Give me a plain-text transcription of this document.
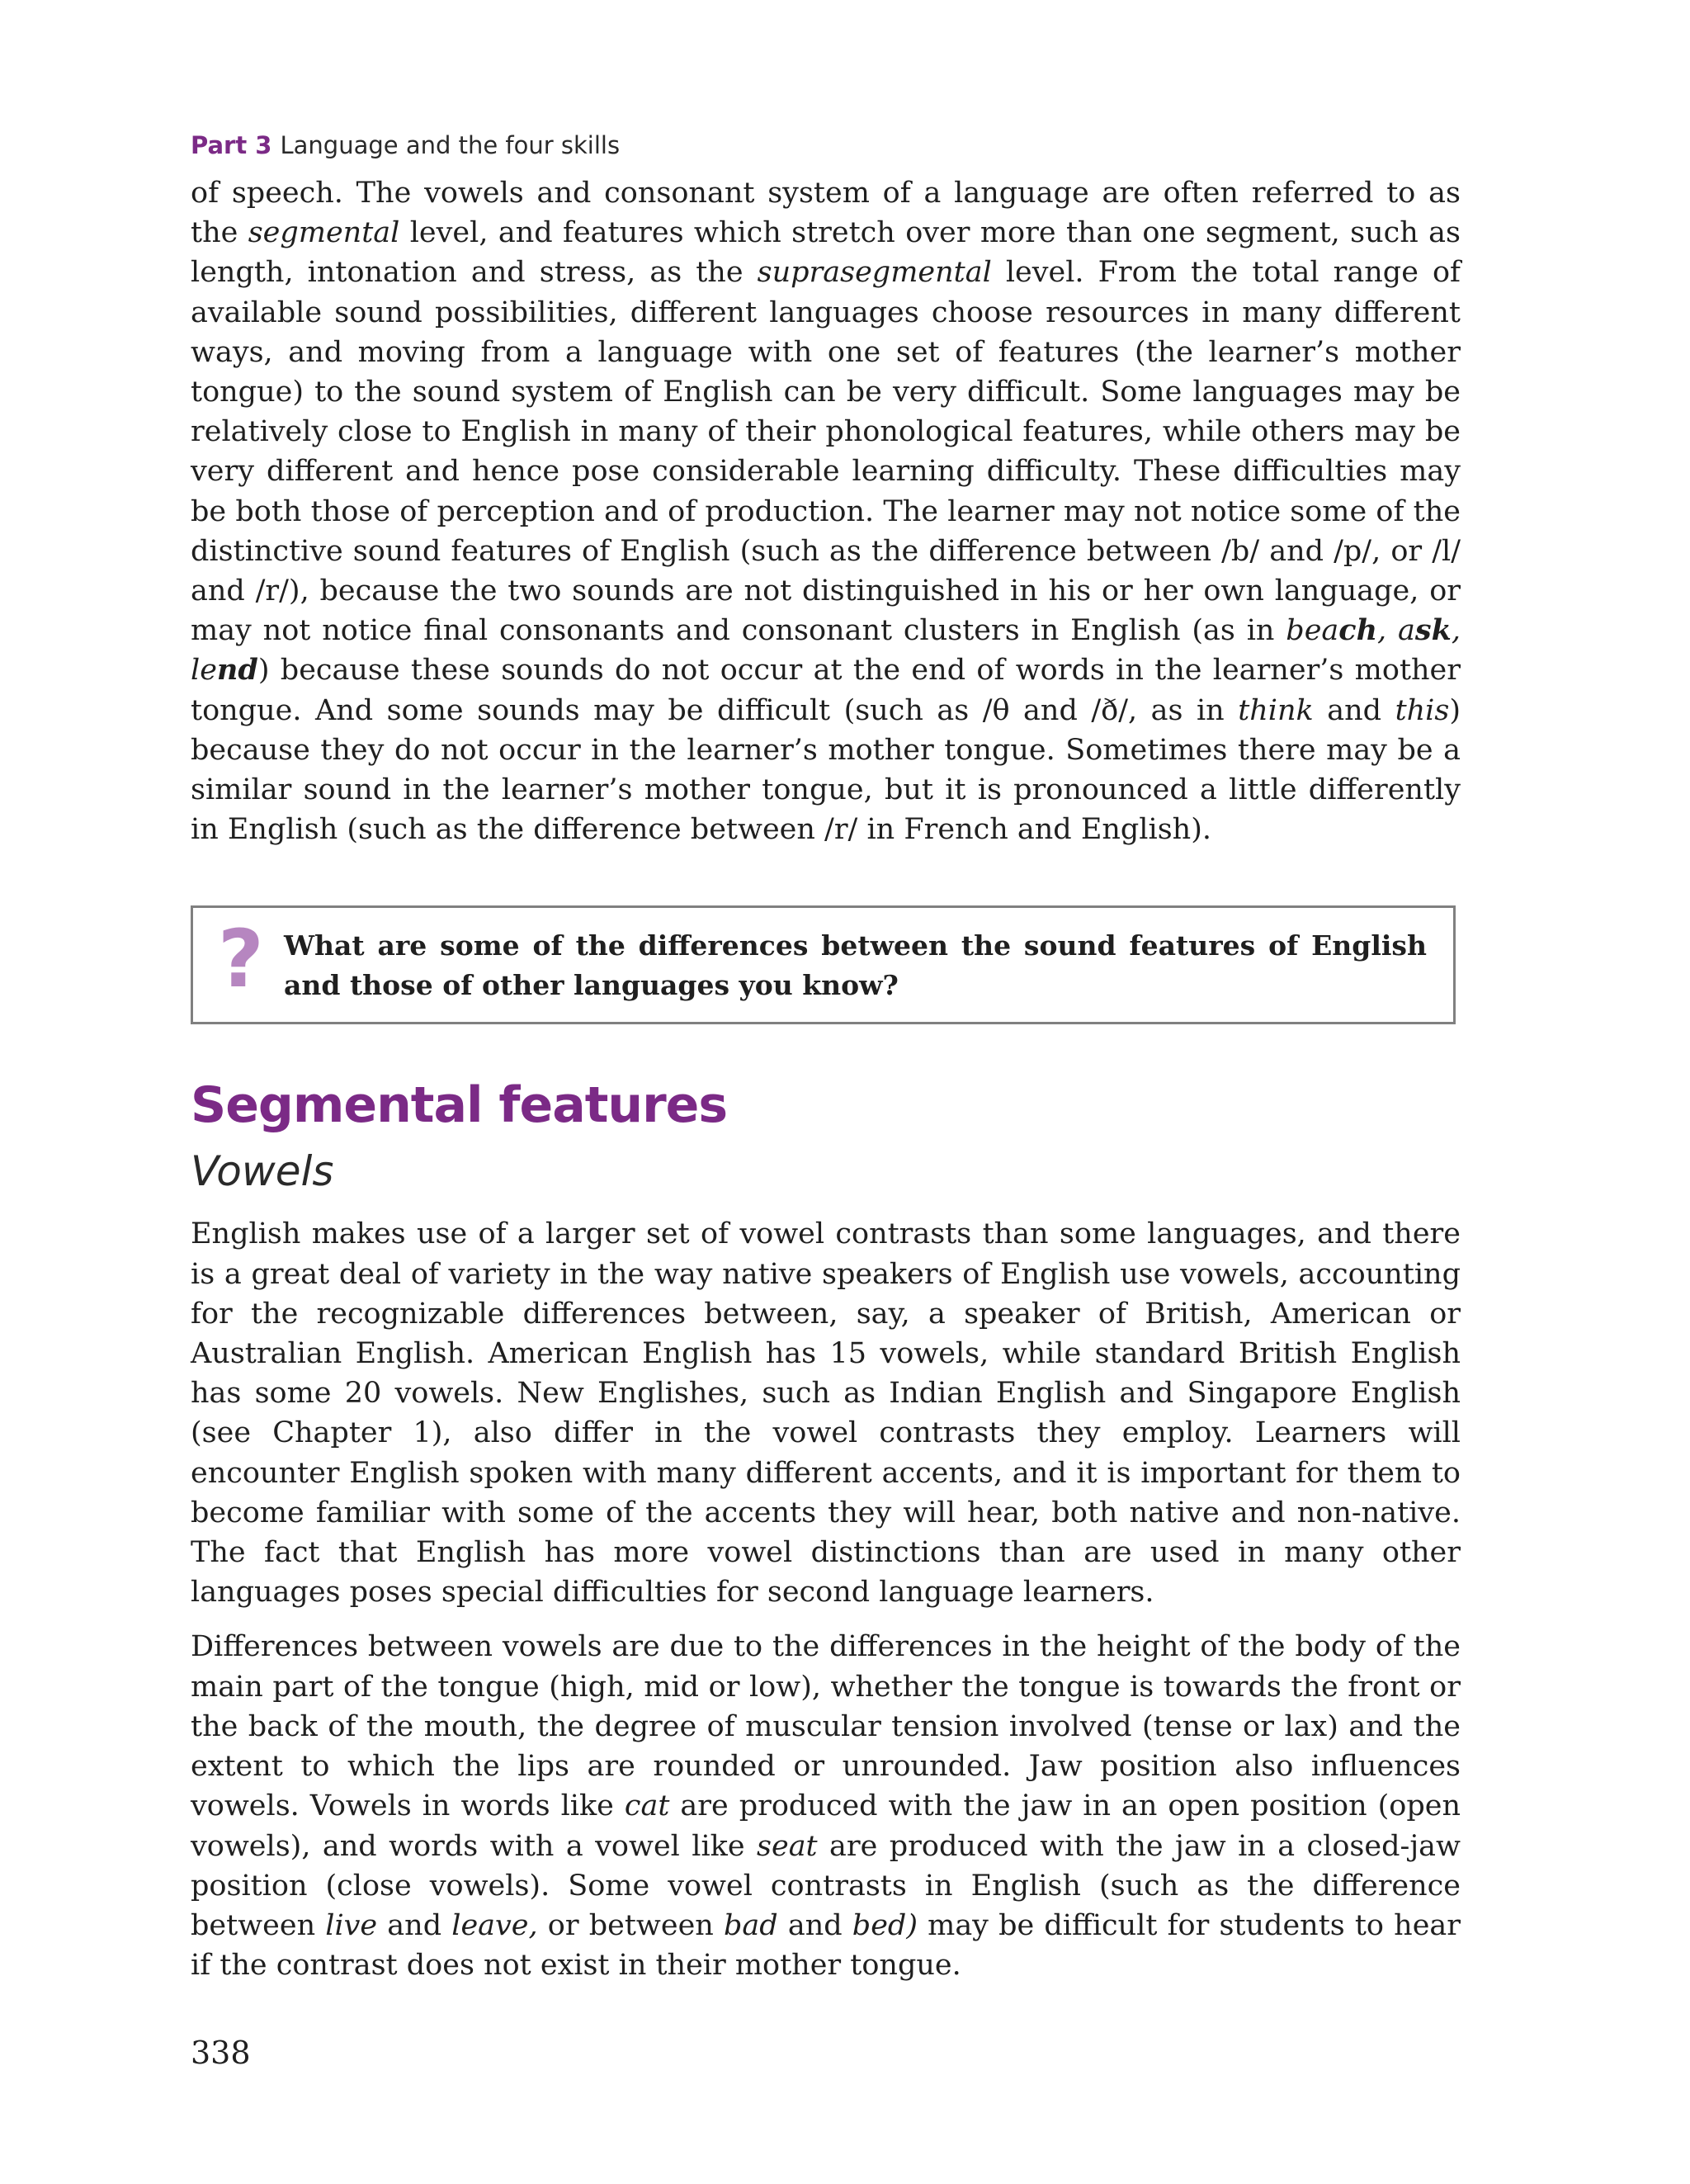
Part 3 Language and the four skills

of speech. The vowels and consonant system of a language are often referred to as the segmental level, and features which stretch over more than one segment, such as length, intonation and stress, as the suprasegmental level. From the total range of available sound possibilities, different languages choose resources in many different ways, and moving from a language with one set of features (the learner’s mother tongue) to the sound system of English can be very difficult. Some languages may be relatively close to English in many of their phonological features, while others may be very different and hence pose considerable learning difficulty. These difficulties may be both those of perception and of production. The learner may not notice some of the distinctive sound features of English (such as the difference between /b/ and /p/, or /l/ and /r/), because the two sounds are not distinguished in his or her own language, or may not notice final consonants and consonant clusters in English (as in beach, ask, lend) because these sounds do not occur at the end of words in the learner’s mother tongue. And some sounds may be difficult (such as /θ and /ð/, as in think and this) because they do not occur in the learner’s mother tongue. Sometimes there may be a similar sound in the learner’s mother tongue, but it is pronounced a little differently in English (such as the difference between /r/ in French and English).

? What are some of the differences between the sound features of English and those of other languages you know?
Segmental features
Vowels

English makes use of a larger set of vowel contrasts than some languages, and there is a great deal of variety in the way native speakers of English use vowels, accounting for the recognizable differences between, say, a speaker of British, American or Australian English. American English has 15 vowels, while standard British English has some 20 vowels. New Englishes, such as Indian English and Singapore English (see Chapter 1), also differ in the vowel contrasts they employ. Learners will encounter English spoken with many different accents, and it is important for them to become familiar with some of the accents they will hear, both native and non-native. The fact that English has more vowel distinctions than are used in many other languages poses special difficulties for second language learners.

Differences between vowels are due to the differences in the height of the body of the main part of the tongue (high, mid or low), whether the tongue is towards the front or the back of the mouth, the degree of muscular tension involved (tense or lax) and the extent to which the lips are rounded or unrounded. Jaw position also influences vowels. Vowels in words like cat are produced with the jaw in an open position (open vowels), and words with a vowel like seat are produced with the jaw in a closed-jaw position (close vowels). Some vowel contrasts in English (such as the difference between live and leave, or between bad and bed) may be difficult for students to hear if the contrast does not exist in their mother tongue.

338
